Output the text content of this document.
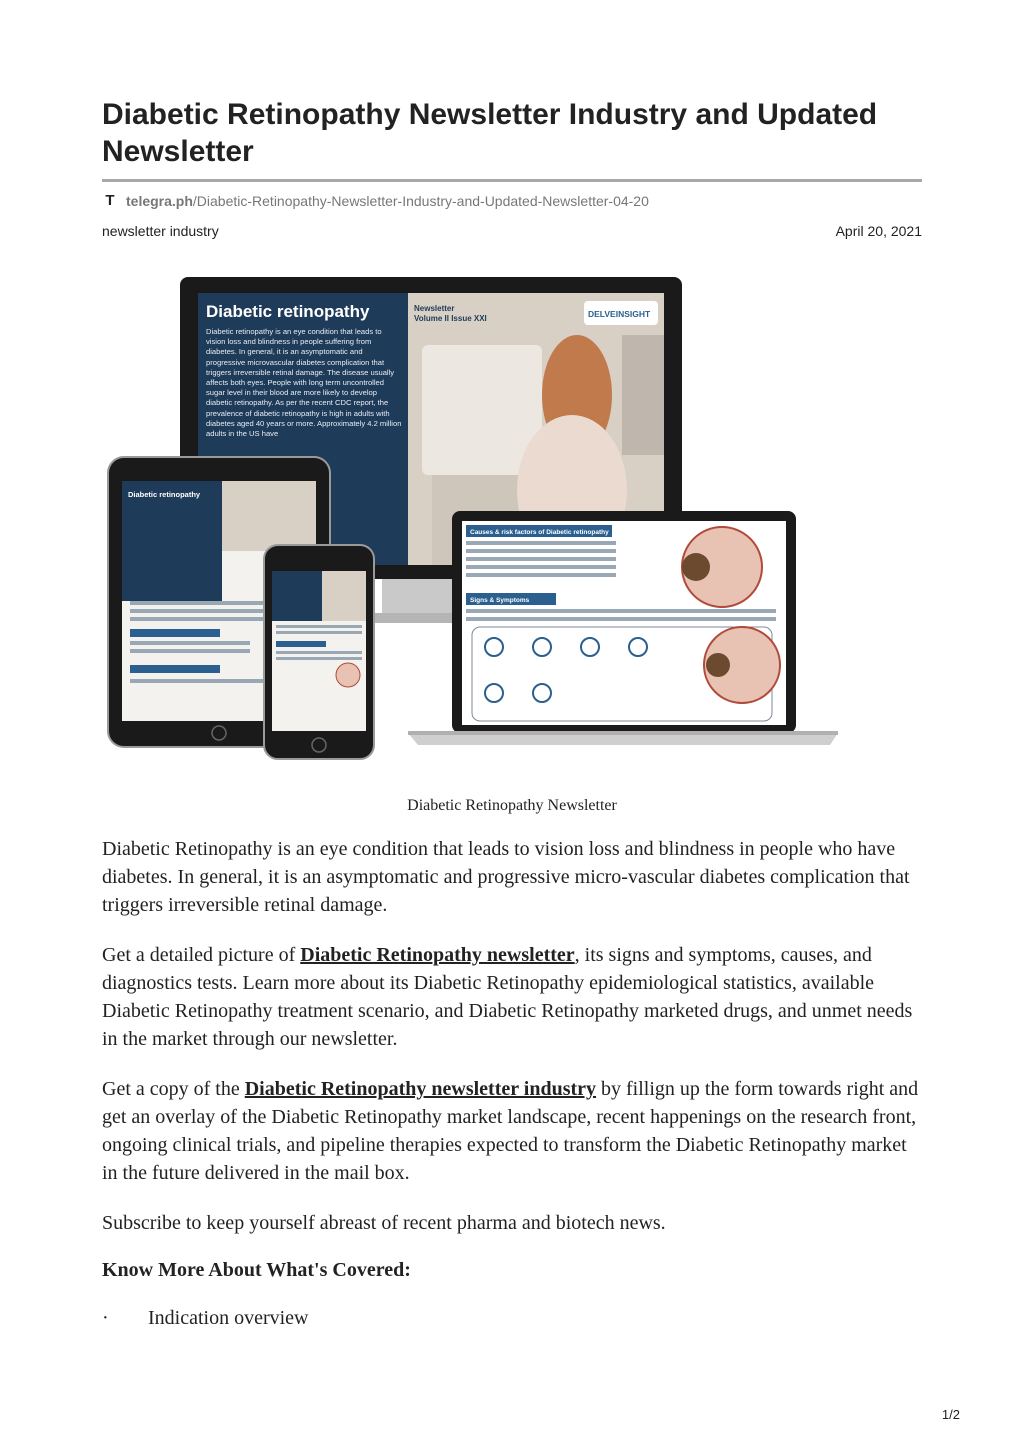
Diabetic Retinopathy Newsletter Industry and Updated Newsletter
T telegra.ph/Diabetic-Retinopathy-Newsletter-Industry-and-Updated-Newsletter-04-20
newsletter industry	April 20, 2021
Diabetic retinopathy
Diabetic retinopathy is an eye condition that leads to vision loss and blindness in people suffering from diabetes. In general, it is an asymptomatic and progressive microvascular diabetes complication that triggers irreversible retinal damage. The disease usually affects both eyes. People with long term uncontrolled sugar level in their blood are more likely to develop diabetic retinopathy. As per the recent CDC report, the prevalence of diabetic retinopathy is high in adults with diabetes aged 40 years or more. Approximately 4.2 million adults in the US have
Newsletter
Volume II Issue XXI	DELVEINSIGHT
Causes & risk factors of Diabetic retinopathy
Signs & Symptoms
Diabetic retinopathy
Diabetic Retinopathy Newsletter

Diabetic Retinopathy is an eye condition that leads to vision loss and blindness in people who have diabetes. In general, it is an asymptomatic and progressive micro-vascular diabetes complication that triggers irreversible retinal damage.

Get a detailed picture of Diabetic Retinopathy newsletter, its signs and symptoms, causes, and diagnostics tests. Learn more about its Diabetic Retinopathy epidemiological statistics, available Diabetic Retinopathy treatment scenario, and Diabetic Retinopathy marketed drugs, and unmet needs in the market through our newsletter.

Get a copy of the Diabetic Retinopathy newsletter industry by fillign up the form towards right and get an overlay of the Diabetic Retinopathy market landscape, recent happenings on the research front, ongoing clinical trials, and pipeline therapies expected to transform the Diabetic Retinopathy market in the future delivered in the mail box.

Subscribe to keep yourself abreast of recent pharma and biotech news.

Know More About What's Covered:
·	Indication overview
1/2
